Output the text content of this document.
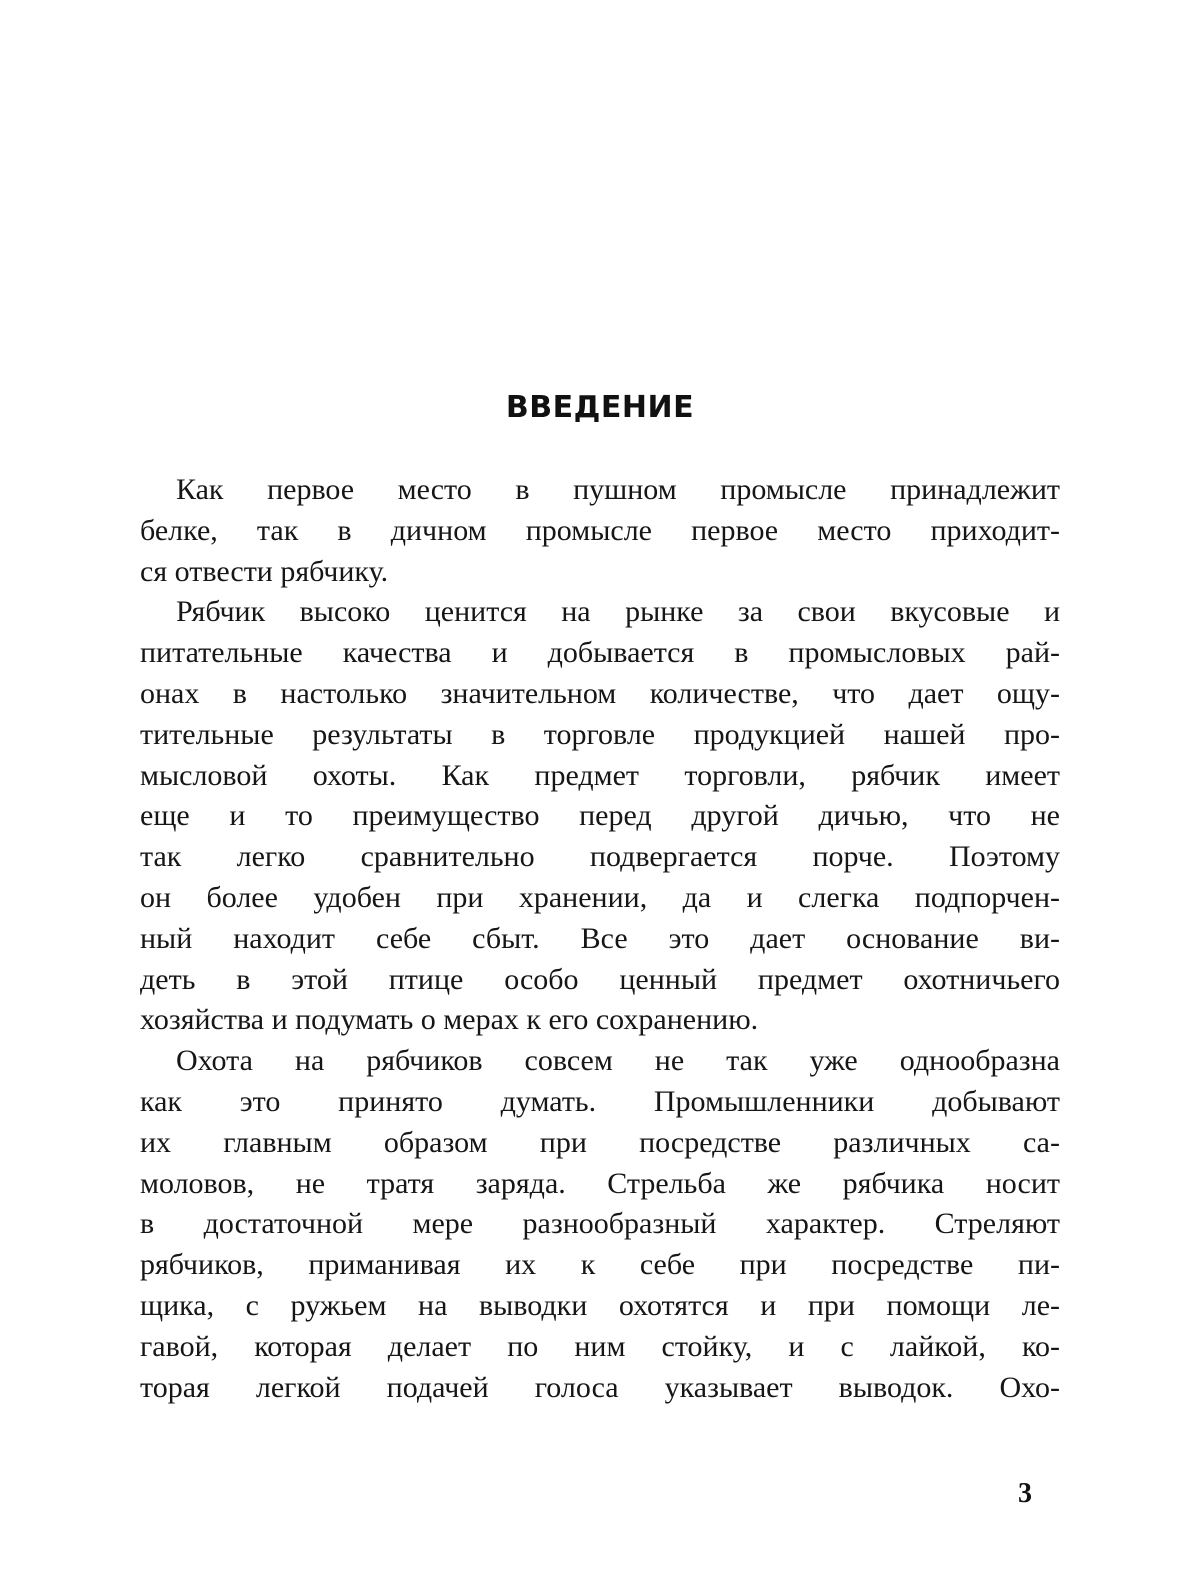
ВВЕДЕНИЕ
Как первое место в пушном промысле принадлежит
белке, так в дичном промысле первое место приходит-
ся отвести рябчику.
Рябчик высоко ценится на рынке за свои вкусовые и
питательные качества и добывается в промысловых рай-
онах в настолько значительном количестве, что дает ощу-
тительные результаты в торговле продукцией нашей про-
мысловой охоты. Как предмет торговли, рябчик имеет
еще и то преимущество перед другой дичью, что не
так легко сравнительно подвергается порче. Поэтому
он более удобен при хранении, да и слегка подпорчен-
ный находит себе сбыт. Все это дает основание ви-
деть в этой птице особо ценный предмет охотничьего
хозяйства и подумать о мерах к его сохранению.
Охота на рябчиков совсем не так уже однообразна
как это принято думать. Промышленники добывают
их главным образом при посредстве различных са-
моловов, не тратя заряда. Стрельба же рябчика носит
в достаточной мере разнообразный характер. Стреляют
рябчиков, приманивая их к себе при посредстве пи-
щика, с ружьем на выводки охотятся и при помощи ле-
гавой, которая делает по ним стойку, и с лайкой, ко-
торая легкой подачей голоса указывает выводок. Охо-
3
